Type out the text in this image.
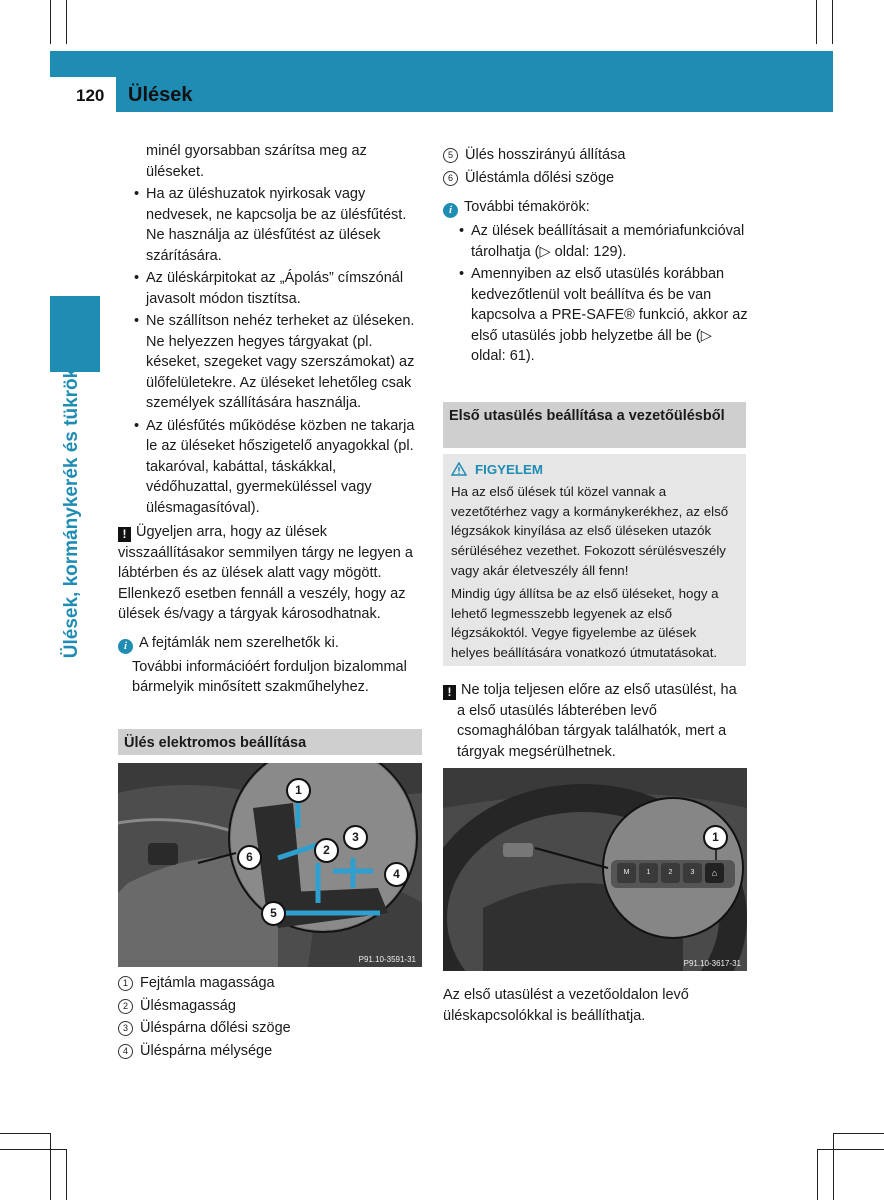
120 Ülések
Ülések, kormánykerék és tükrök

minél gyorsabban szárítsa meg az üléseket.

• Ha az üléshuzatok nyirkosak vagy nedvesek, ne kapcsolja be az ülésfűtést. Ne használja az ülésfűtést az ülések szárítására.
• Az üléskárpitokat az „Ápolás” címszónál javasolt módon tisztítsa.
• Ne szállítson nehéz terheket az üléseken. Ne helyezzen hegyes tárgyakat (pl. késeket, szegeket vagy szerszámokat) az ülőfelületekre. Az üléseket lehetőleg csak személyek szállítására használja.
• Az ülésfűtés működése közben ne takarja le az üléseket hőszigetelő anyagokkal (pl. takaróval, kabáttal, táskákkal, védőhuzattal, gyermeküléssel vagy ülésmagasítóval).

! Ügyeljen arra, hogy az ülések visszaállításakor semmilyen tárgy ne legyen a lábtérben és az ülések alatt vagy mögött. Ellenkező esetben fennáll a veszély, hogy az ülések és/vagy a tárgyak károsodhatnak.

i A fejtámlák nem szerelhetők ki.

További információért forduljon bizalommal bármelyik minősített szakműhelyhez.

Ülés elektromos beállítása
1
2
3
4
5
6
P91.10-3591-31

1 Fejtámla magassága

2 Ülésmagasság

3 Üléspárna dőlési szöge

4 Üléspárna mélysége

5 Ülés hosszirányú állítása

6 Üléstámla dőlési szöge

i További témakörök:

• Az ülések beállításait a memóriafunkcióval tárolhatja (▷ oldal: 129).
• Amennyiben az első utasülés korábban kedvezőtlenül volt beállítva és be van kapcsolva a PRE-SAFE® funkció, akkor az első utasülés jobb helyzetbe áll be (▷ oldal: 61).
Első utasülés beállítása a vezetőülésből
FIGYELEM

Ha az első ülések túl közel vannak a vezetőtérhez vagy a kormánykerékhez, az első légzsákok kinyílása az első üléseken utazók sérüléséhez vezethet. Fokozott sérülésveszély vagy akár életveszély áll fenn!

Mindig úgy állítsa be az első üléseket, hogy a lehető legmesszebb legyenek az első légzsákoktól. Vegye figyelembe az ülések helyes beállítására vonatkozó útmutatásokat.

! Ne tolja teljesen előre az első utasülést, ha a első utasülés lábterében levő csomaghálóban tárgyak találhatók, mert a tárgyak megsérülhetnek.

M	1	2	3	⌂
1
P91.10-3617-31
Az első utasülést a vezetőoldalon levő üléskapcsolókkal is beállíthatja.
